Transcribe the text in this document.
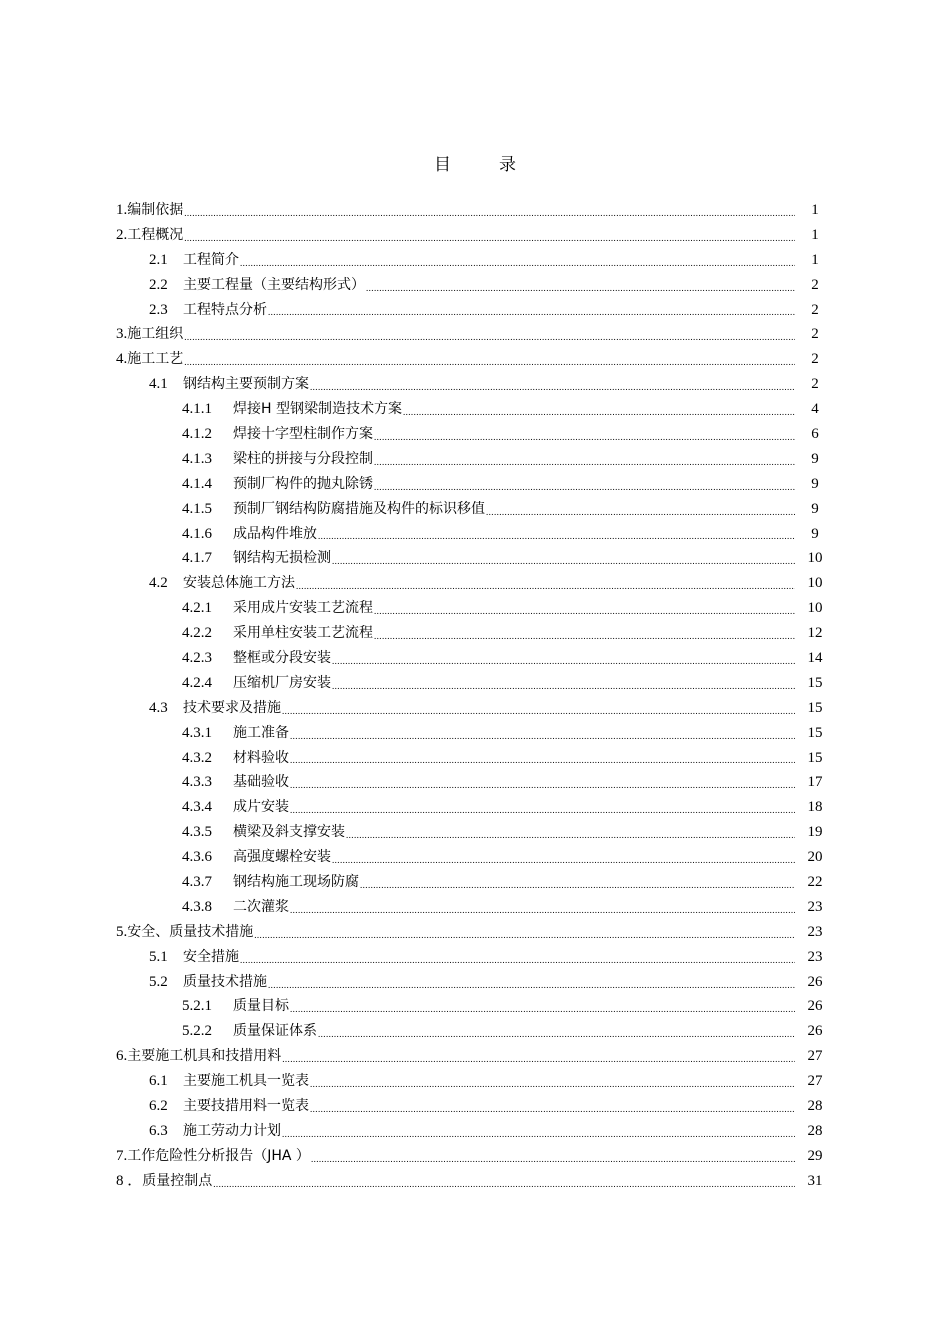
目	录
1. 编制依据 .....	1
2. 工程概况 .....	1
2.1	工程简介 .....	1
2.2	主要工程量（主要结构形式） .....	2
2.3	工程特点分析 .....	2
3. 施工组织 .....	2
4. 施工工艺 .....	2
4.1	钢结构主要预制方案 .....	2
4.1.1	焊接H 型钢梁制造技术方案 .....	4
4.1.2	焊接十字型柱制作方案 .....	6
4.1.3	梁柱的拼接与分段控制 .....	9
4.1.4	预制厂构件的抛丸除锈 .....	9
4.1.5	预制厂钢结构防腐措施及构件的标识移值 .....	9
4.1.6	成品构件堆放 .....	9
4.1.7	钢结构无损检测 .....	10
4.2	安装总体施工方法 .....	10
4.2.1	采用成片安装工艺流程 .....	10
4.2.2	采用单柱安装工艺流程 .....	12
4.2.3	整框或分段安装 .....	14
4.2.4	压缩机厂房安装 .....	15
4.3	技术要求及措施 .....	15
4.3.1	施工准备 .....	15
4.3.2	材料验收 .....	15
4.3.3	基础验收 .....	17
4.3.4	成片安装 .....	18
4.3.5	横梁及斜支撑安装 .....	19
4.3.6	高强度螺栓安装 .....	20
4.3.7	钢结构施工现场防腐 .....	22
4.3.8	二次灌浆 .....	23
5. 安全、质量技术措施 .....	23
5.1	安全措施 .....	23
5.2	质量技术措施 .....	26
5.2.1	质量目标 .....	26
5.2.2	质量保证体系 .....	26
6. 主要施工机具和技措用料 .....	27
6.1	主要施工机具一览表 .....	27
6.2	主要技措用料一览表 .....	28
6.3	施工劳动力计划 .....	28
7. 工作危险性分析报告（JHA ） .....	29
8 ． 质量控制点 .....	31
